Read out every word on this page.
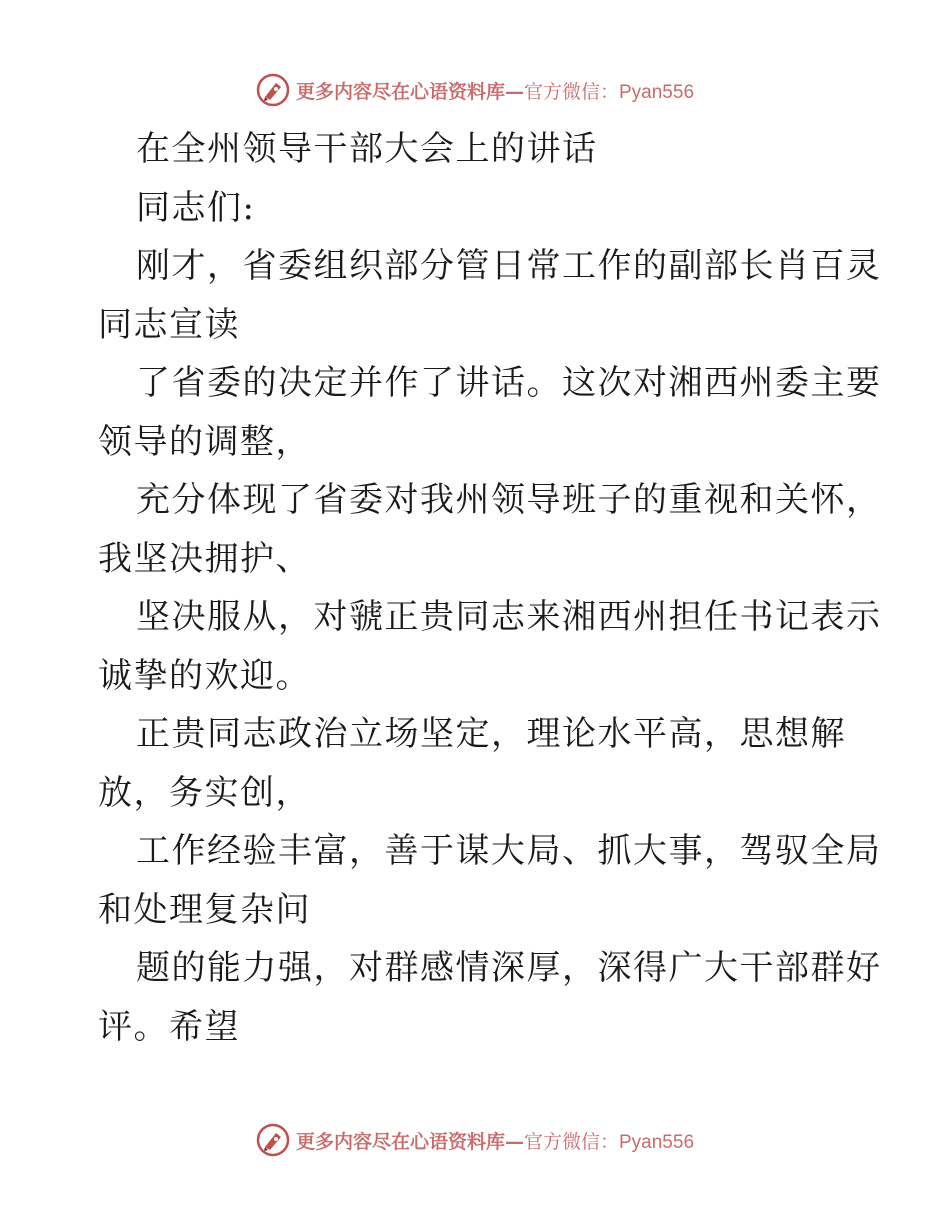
更多内容尽在心语资料库—官方微信：Pyan556
在全州领导干部大会上的讲话
同志们:
刚才，省委组织部分管日常工作的副部长肖百灵
同志宣读
了省委的决定并作了讲话。这次对湘西州委主要
领导的调整，
充分体现了省委对我州领导班子的重视和关怀，
我坚决拥护、
坚决服从，对虢正贵同志来湘西州担任书记表示
诚挚的欢迎。
正贵同志政治立场坚定，理论水平高，思想解
放，务实创，
工作经验丰富，善于谋大局、抓大事，驾驭全局
和处理复杂问
题的能力强，对群感情深厚，深得广大干部群好
评。希望
更多内容尽在心语资料库—官方微信：Pyan556
